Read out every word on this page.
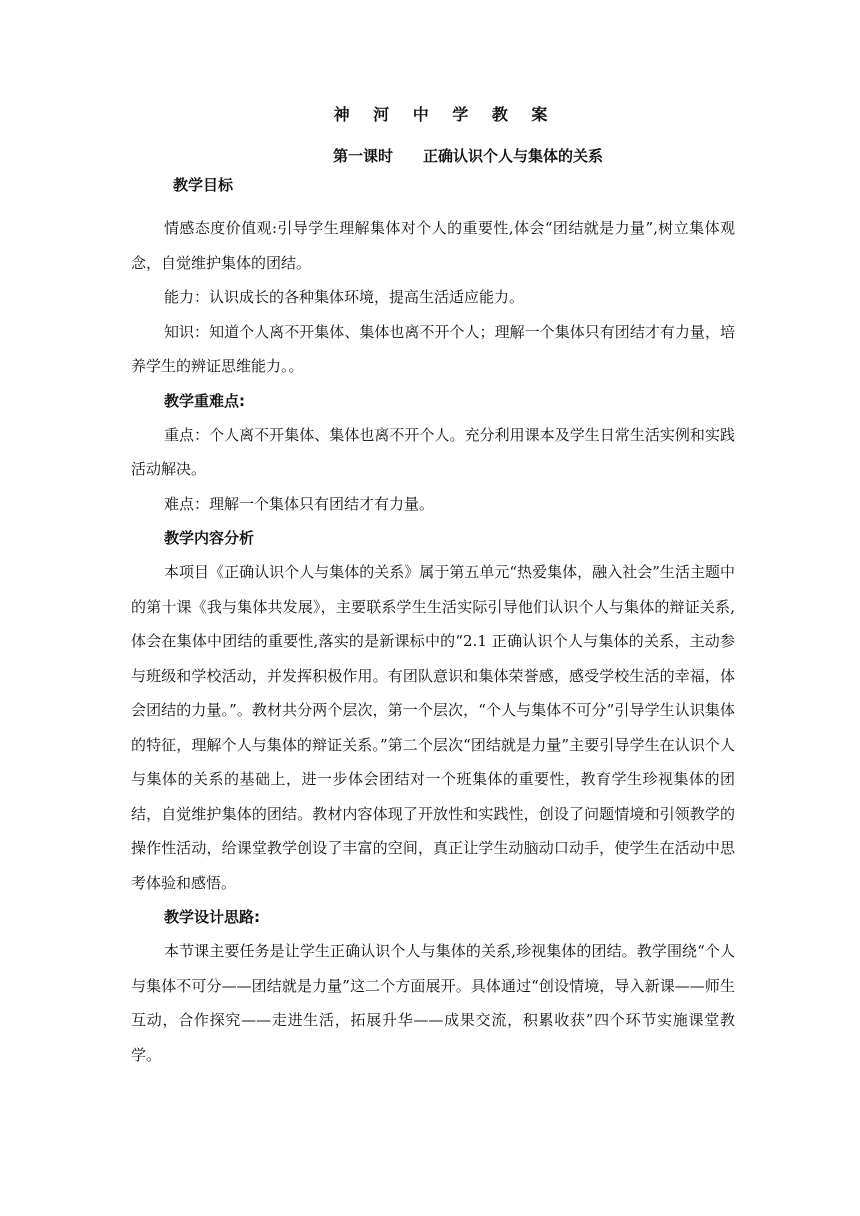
神 河 中 学 教 案
第一课时 正确认识个人与集体的关系
教学目标

情感态度价值观:引导学生理解集体对个人的重要性,体会“团结就是力量”,树立集体观念，自觉维护集体的团结。

能力：认识成长的各种集体环境，提高生活适应能力。

知识：知道个人离不开集体、集体也离不开个人；理解一个集体只有团结才有力量，培养学生的辨证思维能力。。

教学重难点:

重点：个人离不开集体、集体也离不开个人。充分利用课本及学生日常生活实例和实践活动解决。

难点：理解一个集体只有团结才有力量。

教学内容分析

本项目《正确认识个人与集体的关系》属于第五单元“热爱集体，融入社会”生活主题中的第十课《我与集体共发展》，主要联系学生生活实际引导他们认识个人与集体的辩证关系,体会在集体中团结的重要性,落实的是新课标中的“2.1 正确认识个人与集体的关系，主动参与班级和学校活动，并发挥积极作用。有团队意识和集体荣誉感，感受学校生活的幸福，体会团结的力量。”。教材共分两个层次，第一个层次，“个人与集体不可分”引导学生认识集体的特征，理解个人与集体的辩证关系。”第二个层次“团结就是力量”主要引导学生在认识个人与集体的关系的基础上，进一步体会团结对一个班集体的重要性，教育学生珍视集体的团结，自觉维护集体的团结。教材内容体现了开放性和实践性，创设了问题情境和引领教学的操作性活动，给课堂教学创设了丰富的空间，真正让学生动脑动口动手，使学生在活动中思考体验和感悟。

教学设计思路:

本节课主要任务是让学生正确认识个人与集体的关系,珍视集体的团结。教学围绕“个人与集体不可分——团结就是力量”这二个方面展开。具体通过“创设情境，导入新课——师生互动，合作探究——走进生活，拓展升华——成果交流，积累收获”四个环节实施课堂教学。
